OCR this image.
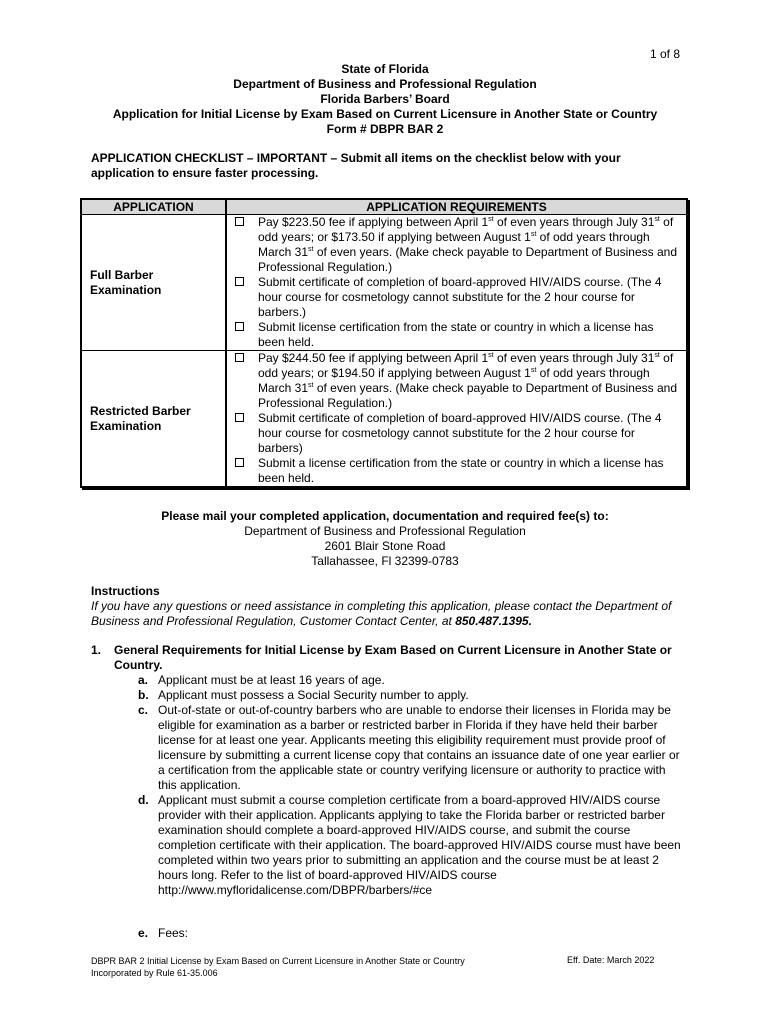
1 of 8
State of Florida
Department of Business and Professional Regulation
Florida Barbers’ Board
Application for Initial License by Exam Based on Current Licensure in Another State or Country
Form # DBPR BAR 2
APPLICATION CHECKLIST – IMPORTANT – Submit all items on the checklist below with your application to ensure faster processing.
APPLICATION	APPLICATION REQUIREMENTS
Full Barber Examination	Pay $223.50 fee if applying between April 1st of even years through July 31st of odd years; or $173.50 if applying between August 1st of odd years through March 31st of even years. (Make check payable to Department of Business and Professional Regulation.)
Submit certificate of completion of board-approved HIV/AIDS course. (The 4 hour course for cosmetology cannot substitute for the 2 hour course for barbers.)
Submit license certification from the state or country in which a license has been held.

Restricted Barber Examination	Pay $244.50 fee if applying between April 1st of even years through July 31st of odd years; or $194.50 if applying between August 1st of odd years through March 31st of even years. (Make check payable to Department of Business and Professional Regulation.)
Submit certificate of completion of board-approved HIV/AIDS course. (The 4 hour course for cosmetology cannot substitute for the 2 hour course for barbers)
Submit a license certification from the state or country in which a license has been held.
Please mail your completed application, documentation and required fee(s) to:
Department of Business and Professional Regulation
2601 Blair Stone Road
Tallahassee, Fl 32399-0783
Instructions
If you have any questions or need assistance in completing this application, please contact the Department of Business and Professional Regulation, Customer Contact Center, at 850.487.1395.
1.	General Requirements for Initial License by Exam Based on Current Licensure in Another State or Country.
a. Applicant must be at least 16 years of age.
b. Applicant must possess a Social Security number to apply.
c. Out-of-state or out-of-country barbers who are unable to endorse their licenses in Florida may be eligible for examination as a barber or restricted barber in Florida if they have held their barber license for at least one year. Applicants meeting this eligibility requirement must provide proof of licensure by submitting a current license copy that contains an issuance date of one year earlier or a certification from the applicable state or country verifying licensure or authority to practice with this application.
d. Applicant must submit a course completion certificate from a board-approved HIV/AIDS course provider with their application. Applicants applying to take the Florida barber or restricted barber examination should complete a board-approved HIV/AIDS course, and submit the course completion certificate with their application. The board-approved HIV/AIDS course must have been completed within two years prior to submitting an application and the course must be at least 2 hours long. Refer to the list of board-approved HIV/AIDS course http://www.myfloridalicense.com/DBPR/barbers/#ce
e. Fees:
DBPR BAR 2 Initial License by Exam Based on Current Licensure in Another State or Country
Incorporated by Rule 61-35.006
Eff. Date: March 2022
